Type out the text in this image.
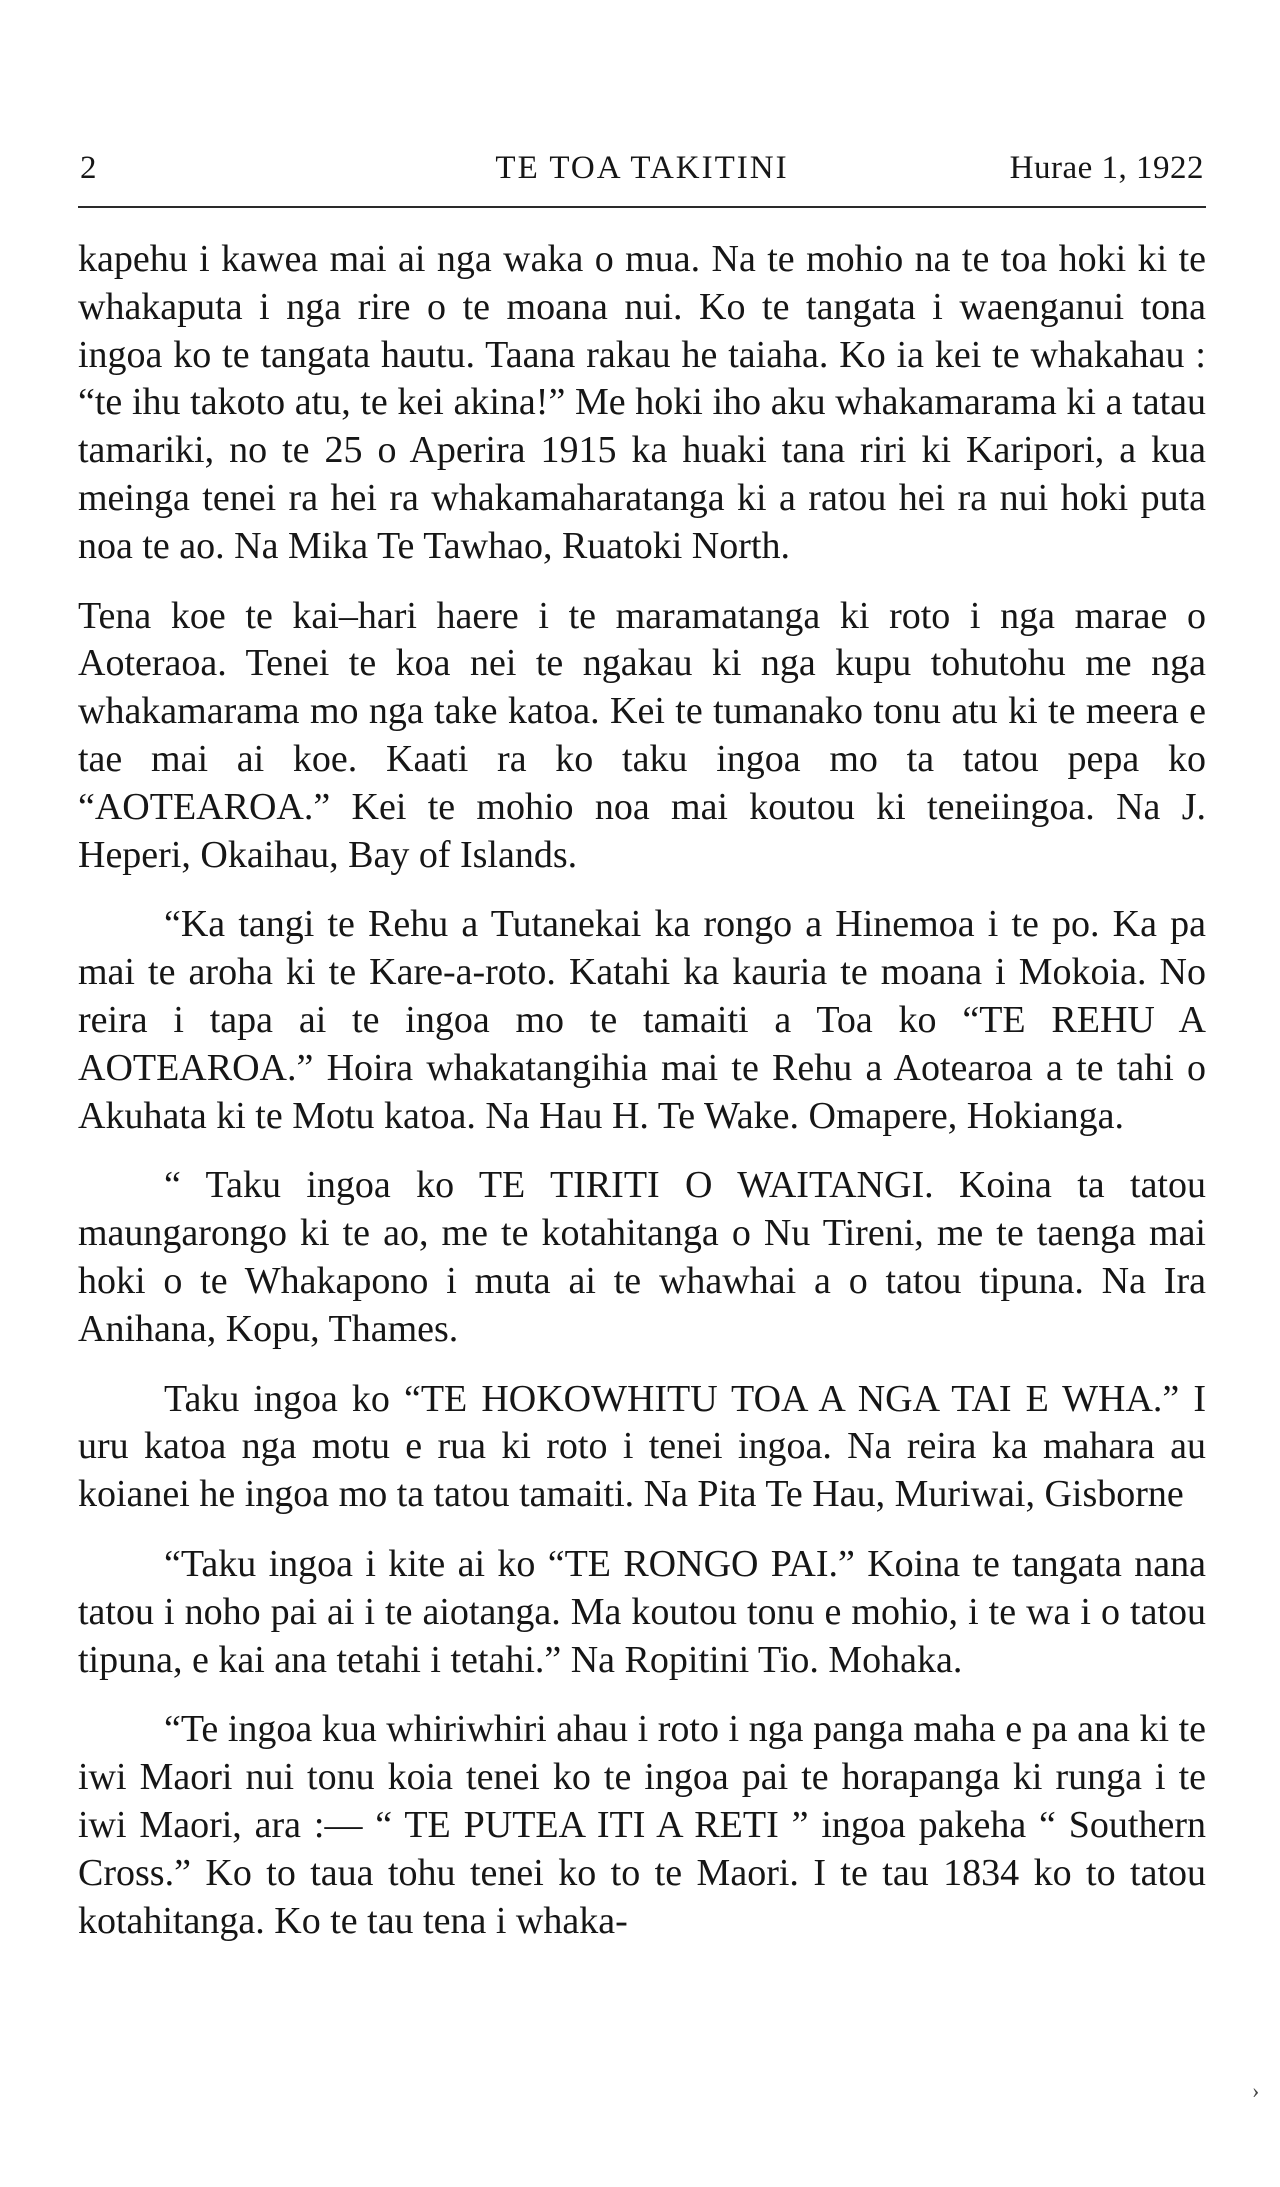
2	TE TOA TAKITINI	Hurae 1, 1922

kapehu i kawea mai ai nga waka o mua. Na te mohio na te toa hoki ki te whakaputa i nga rire o te moana nui. Ko te tangata i waenganui tona ingoa ko te tangata hautu. Taana rakau he taiaha. Ko ia kei te whakahau : “te ihu takoto atu, te kei akina!” Me hoki iho aku whakamarama ki a tatau tamariki, no te 25 o Aperira 1915 ka huaki tana riri ki Karipori, a kua meinga tenei ra hei ra whakamaharatanga ki a ratou hei ra nui hoki puta noa te ao. Na Mika Te Tawhao, Ruatoki North.

Tena koe te kai–hari haere i te maramatanga ki roto i nga marae o Aoteraoa. Tenei te koa nei te ngakau ki nga kupu tohutohu me nga whakamarama mo nga take katoa. Kei te tumanako tonu atu ki te meera e tae mai ai koe. Kaati ra ko taku ingoa mo ta tatou pepa ko “AOTEAROA.” Kei te mohio noa mai koutou ki teneiingoa. Na J. Heperi, Okaihau, Bay of Islands.

“Ka tangi te Rehu a Tutanekai ka rongo a Hinemoa i te po. Ka pa mai te aroha ki te Kare-a-roto. Katahi ka kauria te moana i Mokoia. No reira i tapa ai te ingoa mo te tamaiti a Toa ko “TE REHU A AOTEAROA.” Hoira whakatangihia mai te Rehu a Aotearoa a te tahi o Akuhata ki te Motu katoa. Na Hau H. Te Wake. Omapere, Hokianga.

“ Taku ingoa ko TE TIRITI O WAITANGI. Koina ta tatou maungarongo ki te ao, me te kotahitanga o Nu Tireni, me te taenga mai hoki o te Whakapono i muta ai te whawhai a o tatou tipuna. Na Ira Anihana, Kopu, Thames.

Taku ingoa ko “TE HOKOWHITU TOA A NGA TAI E WHA.” I uru katoa nga motu e rua ki roto i tenei ingoa. Na reira ka mahara au koianei he ingoa mo ta tatou tamaiti. Na Pita Te Hau, Muriwai, Gisborne

“Taku ingoa i kite ai ko “TE RONGO PAI.” Koina te tangata nana tatou i noho pai ai i te aiotanga. Ma koutou tonu e mohio, i te wa i o tatou tipuna, e kai ana tetahi i tetahi.” Na Ropitini Tio. Mohaka.

“Te ingoa kua whiriwhiri ahau i roto i nga panga maha e pa ana ki te iwi Maori nui tonu koia tenei ko te ingoa pai te horapanga ki runga i te iwi Maori, ara :— “ TE PUTEA ITI A RETI ” ingoa pakeha “ Southern Cross.” Ko to taua tohu tenei ko to te Maori. I te tau 1834 ko to tatou kotahitanga. Ko te tau tena i whaka-

›
